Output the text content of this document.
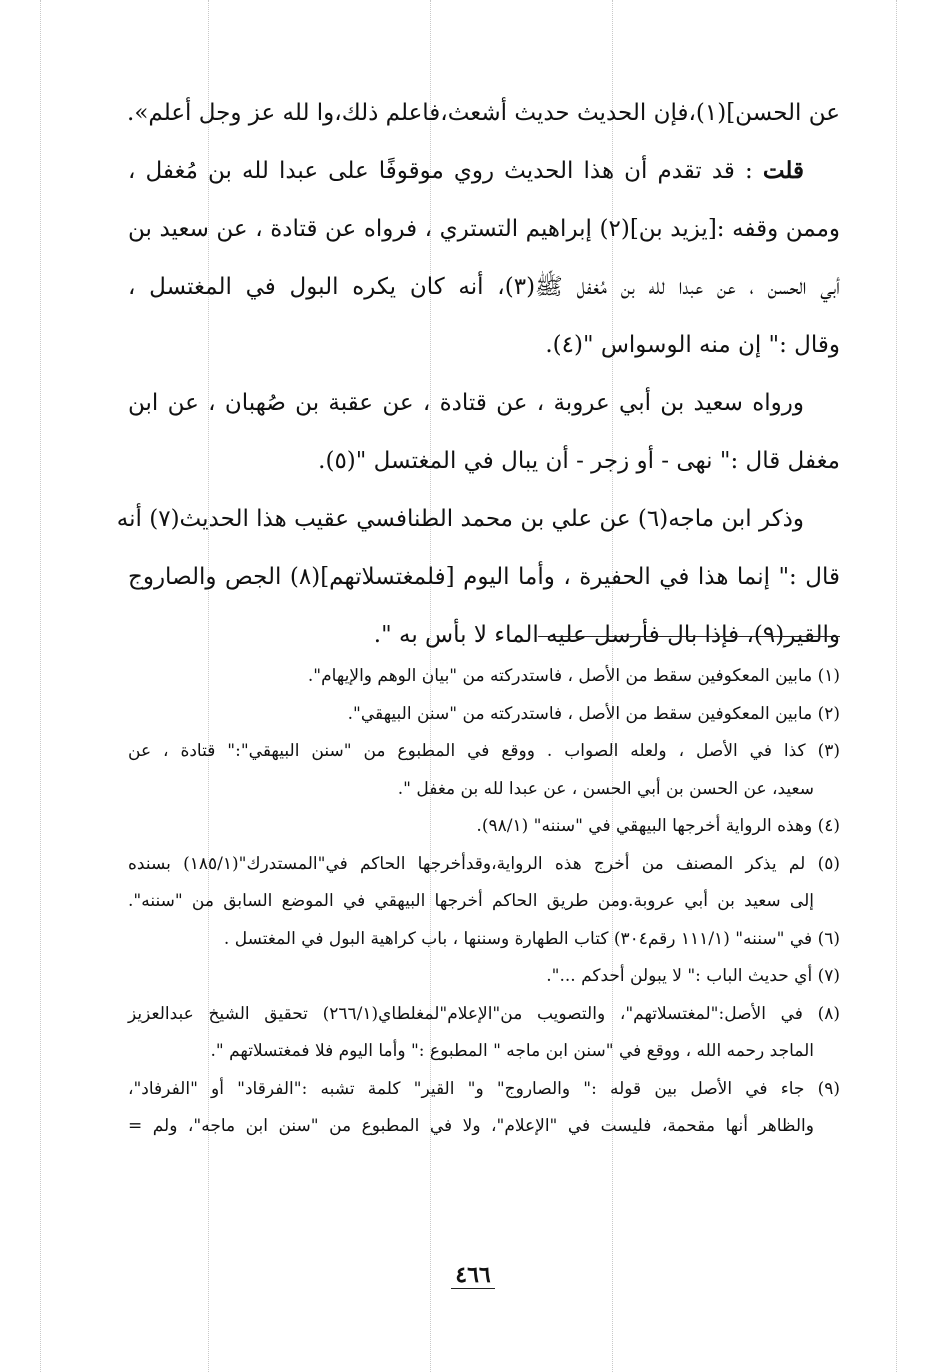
عن الحسن](١)،فإن الحديث حديث أشعث،فاعلم ذلك،وا لله عز وجل أعلم».
قلت : قد تقدم أن هذا الحديث روي موقوفًا على عبدا لله بن مُغفل ،
وممن وقفه :[يزيد بن](٢) إبراهيم التستري ، فرواه عن قتادة ، عن سعيد بن
أبي الحسن ، عن عبدا لله بن مُغفل ﷺ(٣)، أنه كان يكره البول في المغتسل ،
وقال :" إن منه الوسواس "(٤).
ورواه سعيد بن أبي عروبة ، عن قتادة ، عن عقبة بن صُهبان ، عن ابن
مغفل قال :" نهى - أو زجر - أن يبال في المغتسل "(٥).
وذكر ابن ماجه(٦) عن علي بن محمد الطنافسي عقيب هذا الحديث(٧) أنه
قال :" إنما هذا في الحفيرة ، وأما اليوم [فلمغتسلاتهم](٨) الجص والصاروج
والقير(٩)، فإذا بال فأرسل عليه الماء لا بأس به ".
(١) مابين المعكوفين سقط من الأصل ، فاستدركته من "بيان الوهم والإيهام".
(٢) مابين المعكوفين سقط من الأصل ، فاستدركته من "سنن البيهقي".
(٣) كذا في الأصل ، ولعله الصواب . ووقع في المطبوع من "سنن البيهقي":" قتادة ، عن
سعيد، عن الحسن بن أبي الحسن ، عن عبدا لله بن مغفل ".
(٤) وهذه الرواية أخرجها البيهقي في "سننه" (٩٨/١).
(٥) لم يذكر المصنف من أخرج هذه الرواية،وقدأخرجها الحاكم في"المستدرك"(١٨٥/١) بسنده
إلى سعيد بن أبي عروبة.ومن طريق الحاكم أخرجها البيهقي في الموضع السابق من "سننه".
(٦) في "سننه" (١١١/١ رقم٣٠٤) كتاب الطهارة وسننها ، باب كراهية البول في المغتسل .
(٧) أي حديث الباب :" لا يبولن أحدكم ...".
(٨) في الأصل:"لمغتسلاتهم"، والتصويب من"الإعلام"لمغلطاي(٢٦٦/١) تحقيق الشيخ عبدالعزيز
الماجد رحمه الله ، ووقع في "سنن ابن ماجه " المطبوع :" وأما اليوم فلا فمغتسلاتهم ".
(٩) جاء في الأصل بين قوله :" والصاروج" و" القير" كلمة تشبه :"الفرقاد" أو "الفرفاد"،
والظاهر أنها مقحمة، فليست في "الإعلام"، ولا في المطبوع من "سنن ابن ماجه"، ولم =
٤٦٦
